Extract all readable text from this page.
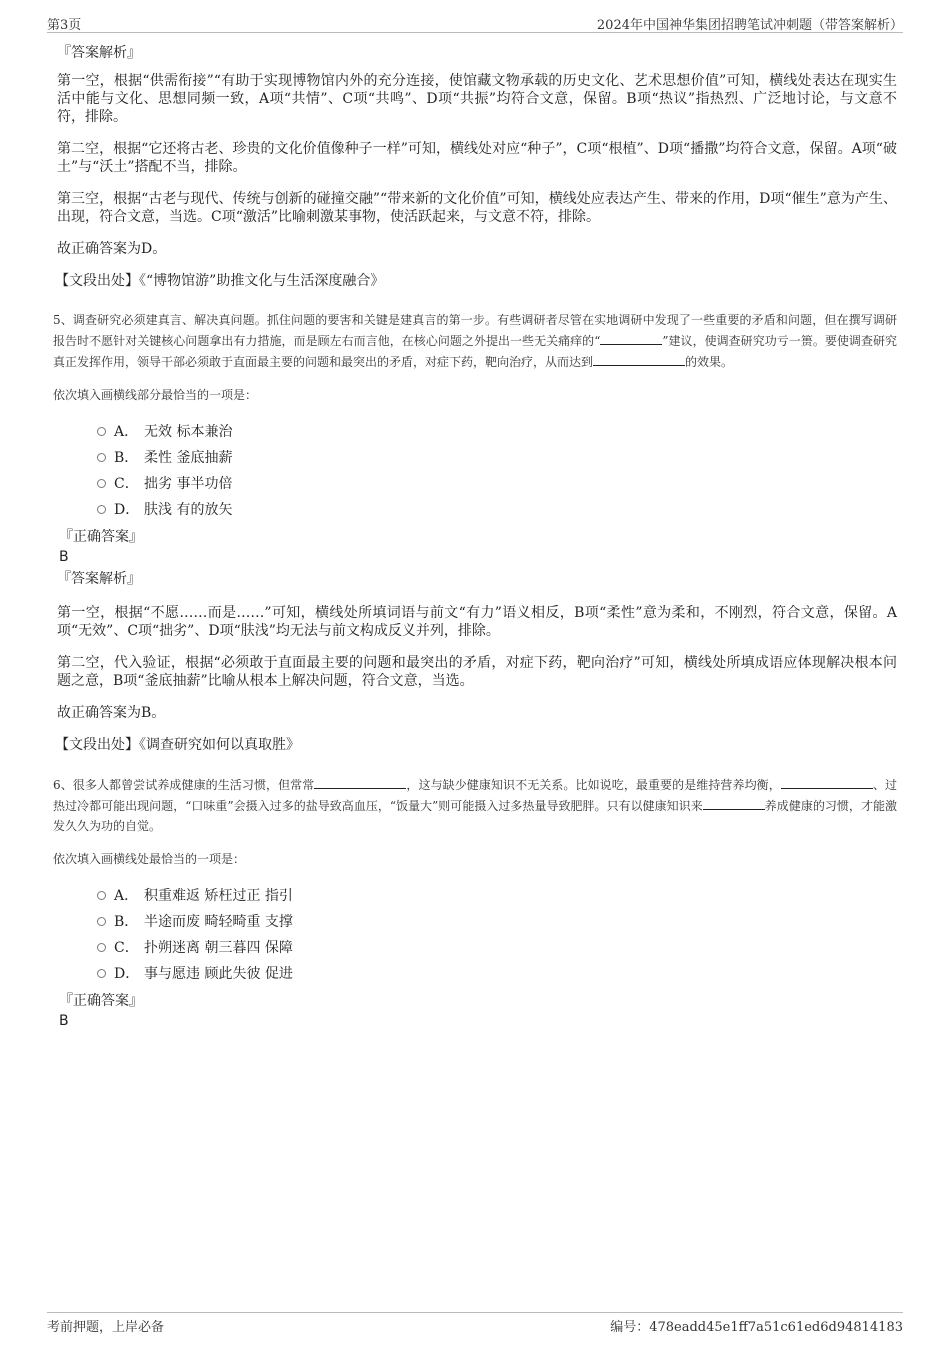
第3页	2024年中国神华集团招聘笔试冲刺题（带答案解析）
『答案解析』

第一空，根据“供需衔接”“有助于实现博物馆内外的充分连接，使馆藏文物承载的历史文化、艺术思想价值”可知，横线处表达在现实生活中能与文化、思想同频一致，A项“共情”、C项“共鸣”、D项“共振”均符合文意，保留。B项“热议”指热烈、广泛地讨论，与文意不符，排除。

第二空，根据“它还将古老、珍贵的文化价值像种子一样”可知，横线处对应“种子”，C项“根植”、D项“播撒”均符合文意，保留。A项“破土”与“沃土”搭配不当，排除。

第三空，根据“古老与现代、传统与创新的碰撞交融”“带来新的文化价值”可知，横线处应表达产生、带来的作用，D项“催生”意为产生、出现，符合文意，当选。C项“激活”比喻刺激某事物，使活跃起来，与文意不符，排除。

故正确答案为D。
【文段出处】《“博物馆游”助推文化与生活深度融合》
5、调查研究必须建真言、解决真问题。抓住问题的要害和关键是建真言的第一步。有些调研者尽管在实地调研中发现了一些重要的矛盾和问题，但在撰写调研报告时不愿针对关键核心问题拿出有力措施，而是顾左右而言他，在核心问题之外提出一些无关痛痒的“	”建议，使调查研究功亏一篑。要使调查研究真正发挥作用，领导干部必须敢于直面最主要的问题和最突出的矛盾，对症下药，靶向治疗，从而达到	的效果。
依次填入画横线部分最恰当的一项是：
A． 无效 标本兼治
B． 柔性 釜底抽薪
C． 拙劣 事半功倍
D． 肤浅 有的放矢
『正确答案』
B
『答案解析』

第一空，根据“不愿……而是……”可知，横线处所填词语与前文“有力”语义相反，B项“柔性”意为柔和，不刚烈，符合文意，保留。A项“无效”、C项“拙劣”、D项“肤浅”均无法与前文构成反义并列，排除。

第二空，代入验证，根据“必须敢于直面最主要的问题和最突出的矛盾，对症下药，靶向治疗”可知，横线处所填成语应体现解决根本问题之意，B项“釜底抽薪”比喻从根本上解决问题，符合文意，当选。

故正确答案为B。
【文段出处】《调查研究如何以真取胜》
6、很多人都曾尝试养成健康的生活习惯，但常常	，这与缺少健康知识不无关系。比如说吃，最重要的是维持营养均衡，	、过热过冷都可能出现问题，“口味重”会摄入过多的盐导致高血压，“饭量大”则可能摄入过多热量导致肥胖。只有以健康知识来	养成健康的习惯，才能激发久久为功的自觉。
依次填入画横线处最恰当的一项是：
A． 积重难返 矫枉过正 指引
B． 半途而废 畸轻畸重 支撑
C． 扑朔迷离 朝三暮四 保障
D． 事与愿违 顾此失彼 促进
『正确答案』
B
考前押题，上岸必备	编号：478eadd45e1ff7a51c61ed6d94814183
